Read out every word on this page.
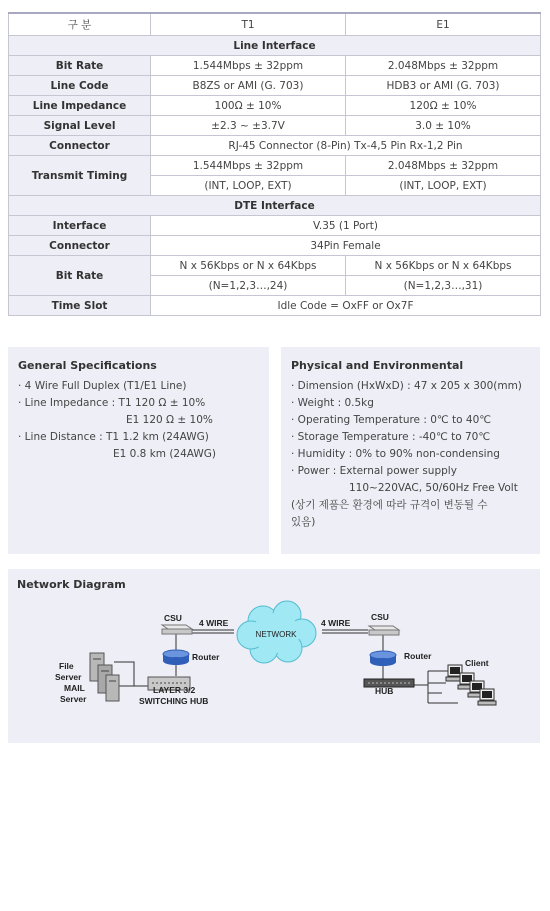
구 분	T1	E1
Line Interface		
Bit Rate	1.544Mbps ± 32ppm	2.048Mbps ± 32ppm
Line Code	B8ZS or AMI (G. 703)	HDB3 or AMI (G. 703)
Line Impedance	100Ω ± 10%	120Ω ± 10%
Signal Level	±2.3 ~ ±3.7V	3.0 ± 10%
Connector	RJ-45 Connector (8-Pin) Tx-4,5 Pin Rx-1,2 Pin	
Transmit Timing	1.544Mbps ± 32ppm	2.048Mbps ± 32ppm
	(INT, LOOP, EXT)	(INT, LOOP, EXT)
DTE Interface		
Interface	V.35 (1 Port)	
Connector	34Pin Female	
Bit Rate	N x 56Kbps or N x 64Kbps	N x 56Kbps or N x 64Kbps
	(N=1,2,3…,24)	(N=1,2,3…,31)
Time Slot	Idle Code = OxFF or Ox7F	
General Specifications
· 4 Wire Full Duplex (T1/E1 Line)
· Line Impedance : T1 120 Ω ± 10%
E1 120 Ω ± 10%
· Line Distance : T1 1.2 km (24AWG)
E1 0.8 km (24AWG)
Physical and Environmental
· Dimension (HxWxD) : 47 x 205 x 300(mm)
· Weight : 0.5kg
· Operating Temperature : 0℃ to 40℃
· Storage Temperature : -40℃ to 70℃
· Humidity : 0% to 90% non-condensing
· Power : External power supply
110~220VAC, 50/60Hz Free Volt
(상기 제품은 환경에 따라 규격이 변동될 수
있음)
Network Diagram
NETWORK
CSU 4 WIRE
CSU
4 WIRE
Router	Router
File
Server
MAIL
Server
LAYER 3/2
SWITCHING HUB
HUB
Client
